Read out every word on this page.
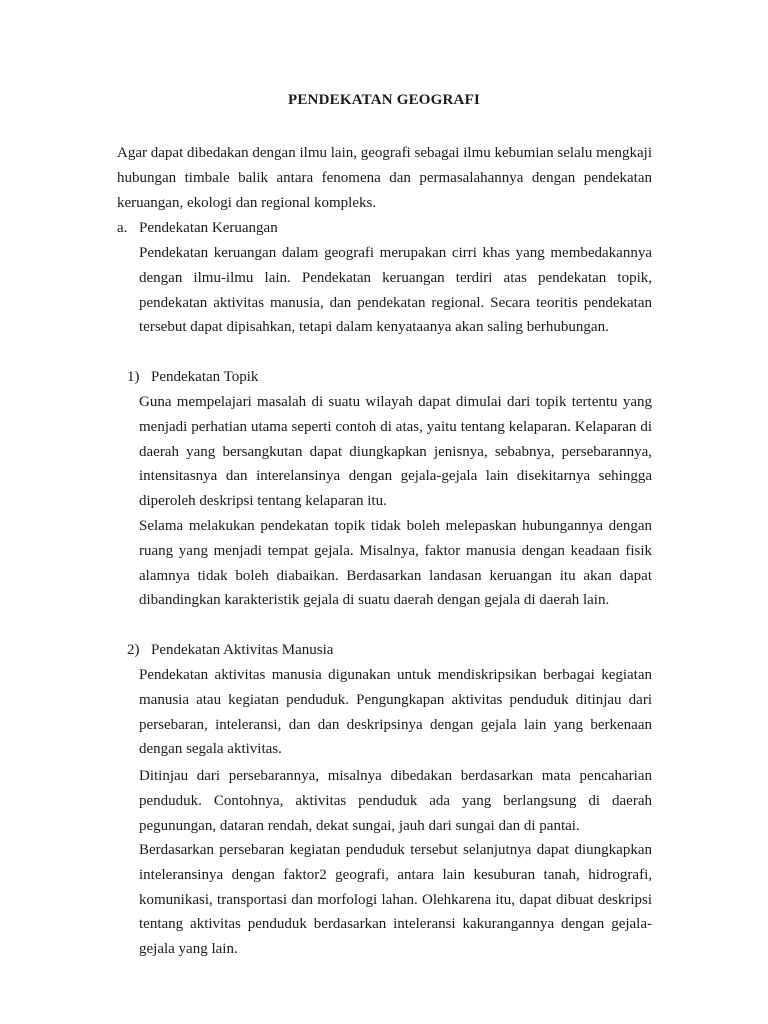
PENDEKATAN GEOGRAFI

Agar dapat dibedakan dengan ilmu lain, geografi sebagai ilmu kebumian selalu mengkaji hubungan timbale balik antara fenomena dan permasalahannya dengan pendekatan keruangan, ekologi dan regional kompleks.

a. Pendekatan Keruangan

Pendekatan keruangan dalam geografi merupakan cirri khas yang membedakannya dengan ilmu-ilmu lain. Pendekatan keruangan terdiri atas pendekatan topik, pendekatan aktivitas manusia, dan pendekatan regional. Secara teoritis pendekatan tersebut dapat dipisahkan, tetapi dalam kenyataanya akan saling berhubungan.

1) Pendekatan Topik

Guna mempelajari masalah di suatu wilayah dapat dimulai dari topik tertentu yang menjadi perhatian utama seperti contoh di atas, yaitu tentang kelaparan. Kelaparan di daerah yang bersangkutan dapat diungkapkan jenisnya, sebabnya, persebarannya, intensitasnya dan interelansinya dengan gejala-gejala lain disekitarnya sehingga diperoleh deskripsi tentang kelaparan itu.

Selama melakukan pendekatan topik tidak boleh melepaskan hubungannya dengan ruang yang menjadi tempat gejala. Misalnya, faktor manusia dengan keadaan fisik alamnya tidak boleh diabaikan. Berdasarkan landasan keruangan itu akan dapat dibandingkan karakteristik gejala di suatu daerah dengan gejala di daerah lain.

2) Pendekatan Aktivitas Manusia

Pendekatan aktivitas manusia digunakan untuk mendiskripsikan berbagai kegiatan manusia atau kegiatan penduduk. Pengungkapan aktivitas penduduk ditinjau dari persebaran, inteleransi, dan dan deskripsinya dengan gejala lain yang berkenaan dengan segala aktivitas.

Ditinjau dari persebarannya, misalnya dibedakan berdasarkan mata pencaharian penduduk. Contohnya, aktivitas penduduk ada yang berlangsung di daerah pegunungan, dataran rendah, dekat sungai, jauh dari sungai dan di pantai.

Berdasarkan persebaran kegiatan penduduk tersebut selanjutnya dapat diungkapkan inteleransinya dengan faktor2 geografi, antara lain kesuburan tanah, hidrografi, komunikasi, transportasi dan morfologi lahan. Olehkarena itu, dapat dibuat deskripsi tentang aktivitas penduduk berdasarkan inteleransi kakurangannya dengan gejala-gejala yang lain.
